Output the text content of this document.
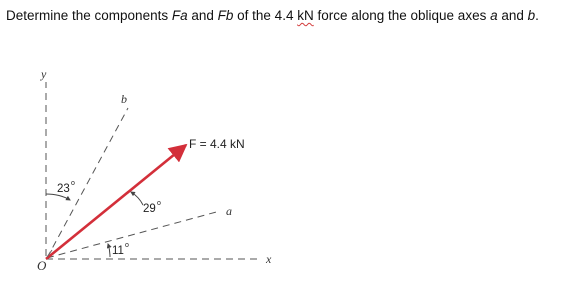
Determine the components Fa and Fb of the 4.4 kN force along the oblique axes a and b.
y
b
a
x
O
F = 4.4 kN
23 o
29 o
11 o
